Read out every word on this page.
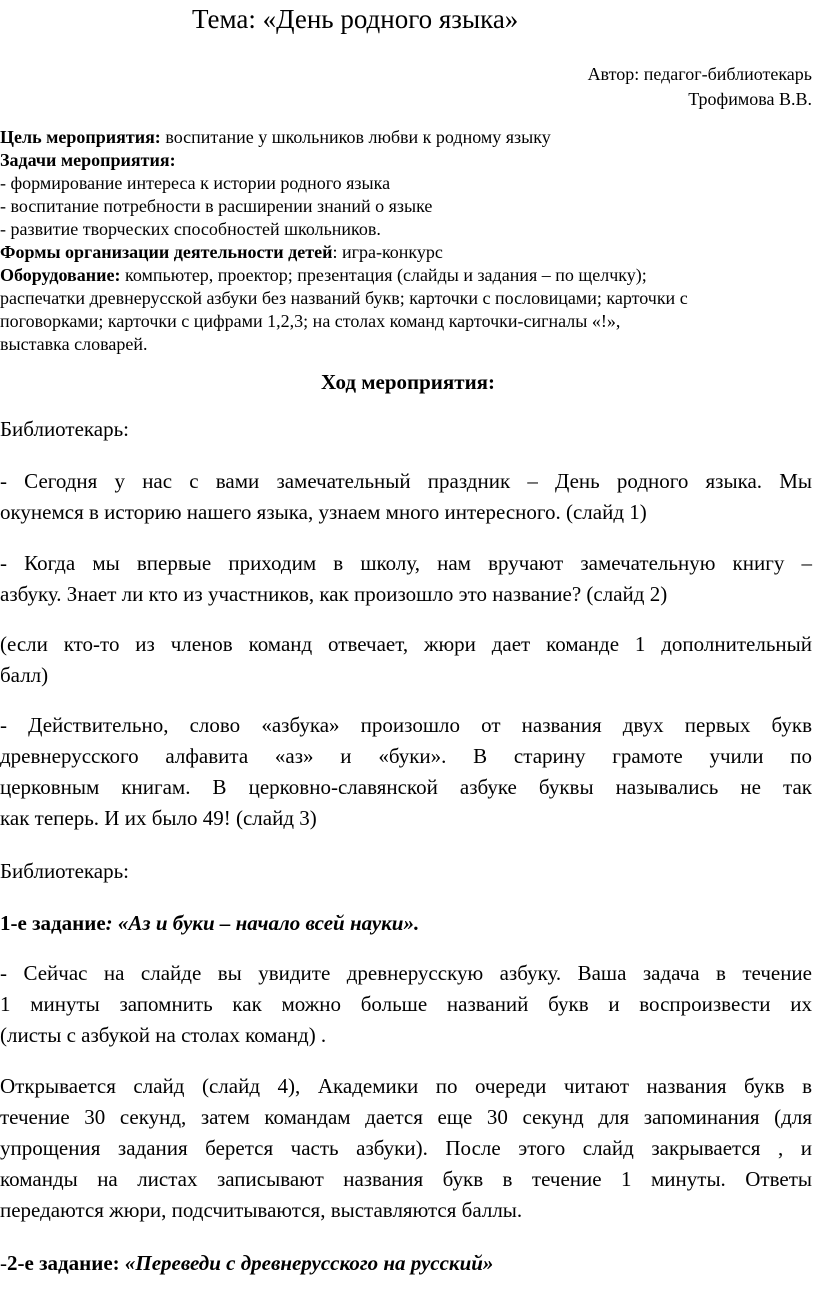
Тема: «День родного языка»
Автор: педагог-библиотекарь
Трофимова В.В.
Цель мероприятия: воспитание у школьников любви к родному языку
Задачи мероприятия:
- формирование интереса к истории родного языка
- воспитание потребности в расширении знаний о языке
- развитие творческих способностей школьников.
Формы организации деятельности детей: игра-конкурс
Оборудование: компьютер, проектор; презентация (слайды и задания – по щелчку);
распечатки древнерусской азбуки без названий букв; карточки с пословицами; карточки с
поговорками; карточки с цифрами 1,2,3; на столах команд карточки-сигналы «!»,
выставка словарей.
Ход мероприятия:
Библиотекарь:
- Сегодня у нас с вами замечательный праздник – День родного языка. Мы
окунемся в историю нашего языка, узнаем много интересного. (слайд 1)
- Когда мы впервые приходим в школу, нам вручают замечательную книгу –
азбуку. Знает ли кто из участников, как произошло это название? (слайд 2)
(если кто-то из членов команд отвечает, жюри дает команде 1 дополнительный
балл)
- Действительно, слово «азбука» произошло от названия двух первых букв
древнерусского алфавита «аз» и «буки». В старину грамоте учили по
церковным книгам. В церковно-славянской азбуке буквы назывались не так
как теперь. И их было 49! (слайд 3)
Библиотекарь:
1-е задание: «Аз и буки – начало всей науки».
- Сейчас на слайде вы увидите древнерусскую азбуку. Ваша задача в течение
1 минуты запомнить как можно больше названий букв и воспроизвести их
(листы с азбукой на столах команд) .
Открывается слайд (слайд 4), Академики по очереди читают названия букв в
течение 30 секунд, затем командам дается еще 30 секунд для запоминания (для
упрощения задания берется часть азбуки). После этого слайд закрывается , и
команды на листах записывают названия букв в течение 1 минуты. Ответы
передаются жюри, подсчитываются, выставляются баллы.
-2-е задание: «Переведи с древнерусского на русский»
